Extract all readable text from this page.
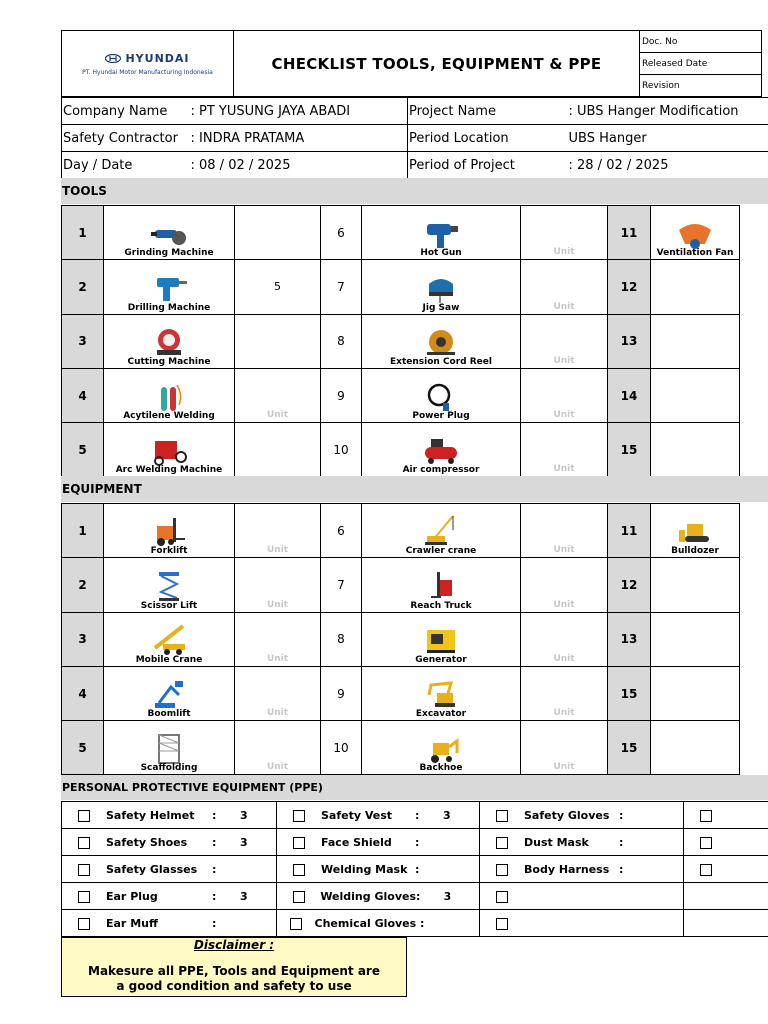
HYUNDAI
PT. Hyundai Motor Manufacturing Indonesia	CHECKLIST TOOLS, EQUIPMENT & PPE	Doc. No
Released Date
Revision
Company Name	: PT YUSUNG JAYA ABADI	Project Name	: UBS Hanger Modification
Safety Contractor	: INDRA PRATAMA	Period Location	UBS Hanger
Day / Date	: 08 / 02 / 2025	Period of Project	: 28 / 02 / 2025
TOOLS
1	Grinding Machine		6	Hot Gun	Unit	11	Ventilation Fan

2	Drilling Machine	5	7	Jig Saw	Unit	12	
3	Cutting Machine		8	Extension Cord Reel	Unit	13	
4	Acytilene Welding	Unit	9	Power Plug	Unit	14	
5	Arc Welding Machine		10	Air compressor	Unit	15	
EQUIPMENT
1	Forklift	Unit	6	Crawler crane	Unit	11	Bulldozer

2	Scissor Lift	Unit	7	Reach Truck	Unit	12	
3	Mobile Crane	Unit	8	Generator	Unit	13	
4	Boomlift	Unit	9	Excavator	Unit	15	
5	Scaffolding	Unit	10	Backhoe	Unit	15	
PERSONAL PROTECTIVE EQUIPMENT (PPE)
Safety Helmet : 3	Safety Vest : 3	Safety Gloves :	

Safety Shoes : 3	Face Shield :	Dust Mask :	

Safety Glasses :	Welding Mask :	Body Harness :	

Ear Plug : 3	Welding Gloves : 3		

Ear Muff :	Chemical Gloves :		

Disclaimer :
Makesure all PPE, Tools and Equipment are
a good condition and safety to use
